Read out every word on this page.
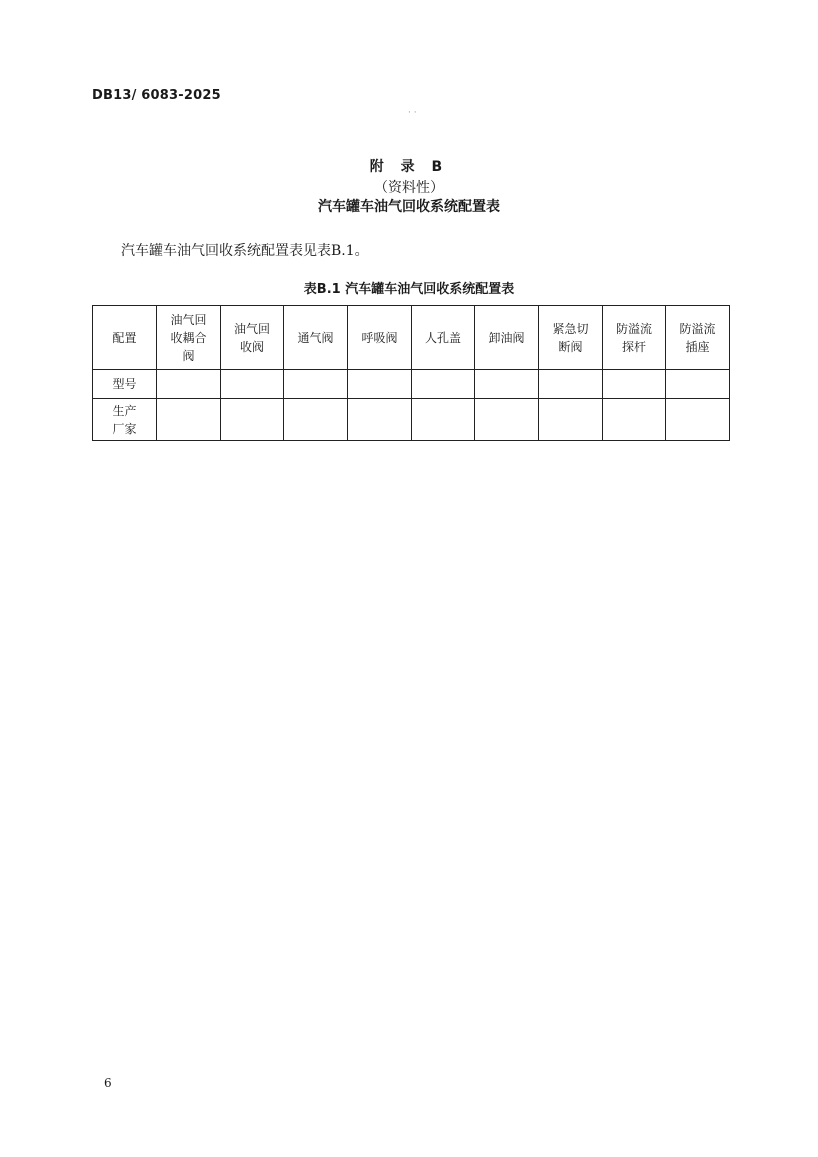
DB13/ 6083-2025
· ·
附 录 B
（资料性）
汽车罐车油气回收系统配置表
汽车罐车油气回收系统配置表见表B.1。
表B.1 汽车罐车油气回收系统配置表
配置	油气回收耦合阀	油气回收阀	通气阀	呼吸阀	人孔盖	卸油阀	紧急切断阀	防溢流探杆	防溢流插座
型号									
生产厂家									
6
